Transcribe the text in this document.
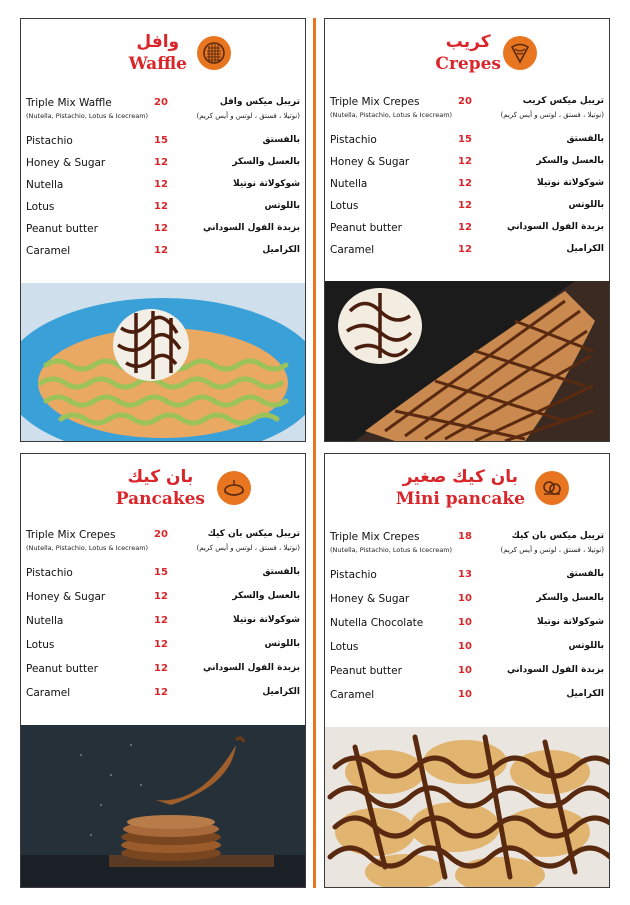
وافل
Waffle
Triple Mix Waffle	20	تريبل ميكس وافل
(Nutella, Pistachio, Lotus & Icecream)	(نوتيلا ، فستق ، لوتس و أيس كريم)
Pistachio	15	بالفستق
Honey & Sugar	12	بالعسل والسكر
Nutella	12	شوكولاتة نوتيلا
Lotus	12	باللوتس
Peanut butter	12	بزبدة الفول السوداني
Caramel	12	الكراميل
كريب
Crepes
Triple Mix Crepes	20	تريبل ميكس كريب
(Nutella, Pistachio, Lotus & Icecream)	(نوتيلا ، فستق ، لوتس و أيس كريم)
Pistachio	15	بالفستق
Honey & Sugar	12	بالعسل والسكر
Nutella	12	شوكولاتة نوتيلا
Lotus	12	باللوتس
Peanut butter	12	بزبدة الفول السوداني
Caramel	12	الكراميل
بان كيك
Pancakes
Triple Mix Crepes	20	تريبل ميكس بان كيك
(Nutella, Pistachio, Lotus & Icecream)	(نوتيلا ، فستق ، لوتس و أيس كريم)
Pistachio	15	بالفستق
Honey & Sugar	12	بالعسل والسكر
Nutella	12	شوكولاتة نوتيلا
Lotus	12	باللوتس
Peanut butter	12	بزبدة الفول السوداني
Caramel	12	الكراميل
بان كيك صغير
Mini pancake
Triple Mix Crepes	18	تريبل ميكس بان كيك
(Nutella, Pistachio, Lotus & Icecream)	(نوتيلا ، فستق ، لوتس و أيس كريم)
Pistachio	13	بالفستق
Honey & Sugar	10	بالعسل والسكر
Nutella Chocolate	10	شوكولاتة نوتيلا
Lotus	10	باللوتس
Peanut butter	10	بزبدة الفول السوداني
Caramel	10	الكراميل
